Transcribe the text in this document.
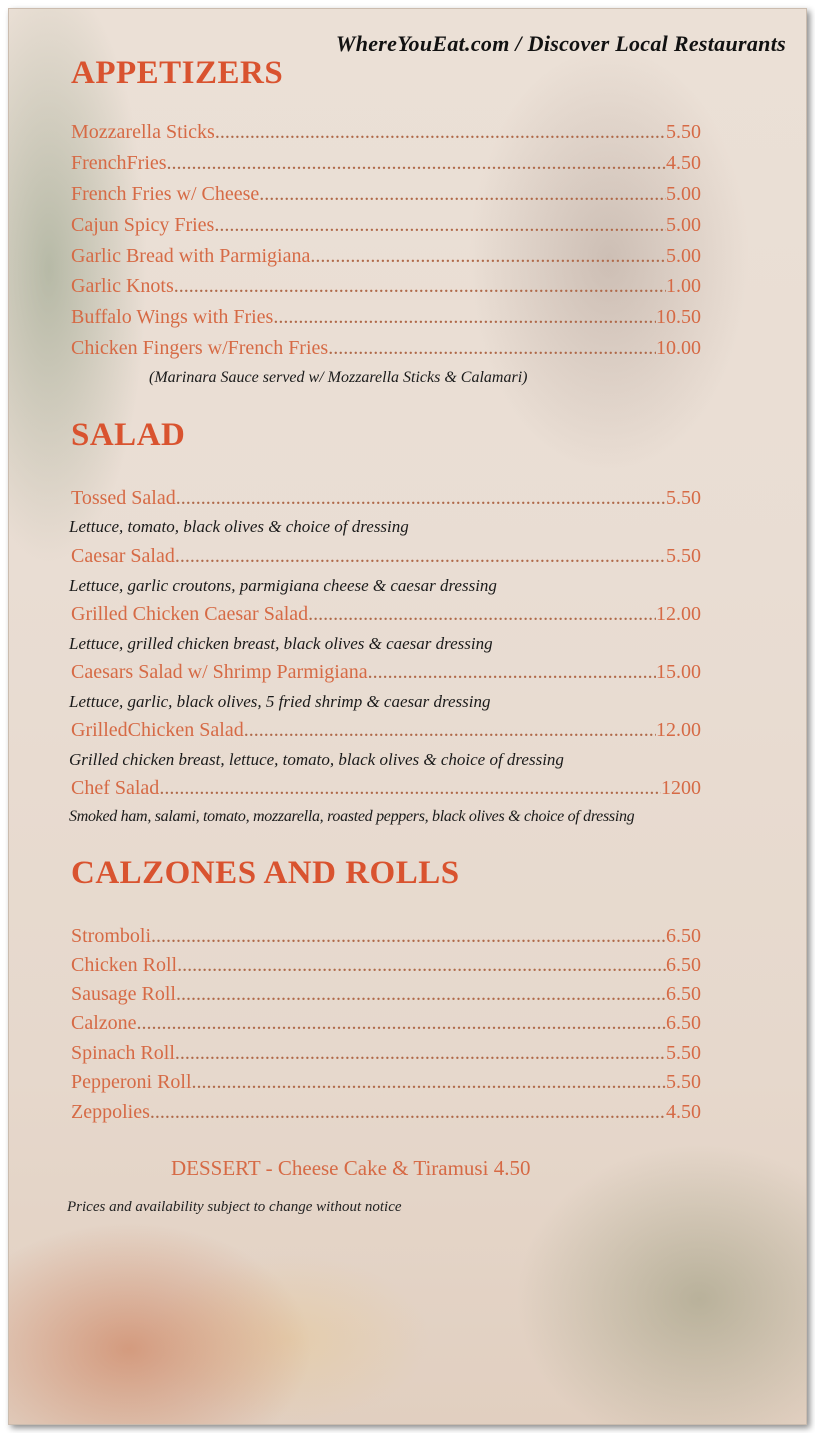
WhereYouEat.com / Discover Local Restaurants
APPETIZERS
Mozzarella Sticks .....	5.50
FrenchFries .....	4.50
French Fries w/ Cheese .....	5.00
Cajun Spicy Fries .....	5.00
Garlic Bread with Parmigiana .....	5.00
Garlic Knots .....	1.00
Buffalo Wings with Fries .....	10.50
Chicken Fingers w/French Fries .....	10.00
(Marinara Sauce served w/ Mozzarella Sticks & Calamari)
SALAD
Tossed Salad .....	5.50
Lettuce, tomato, black olives & choice of dressing
Caesar Salad .....	5.50
Lettuce, garlic croutons, parmigiana cheese & caesar dressing
Grilled Chicken Caesar Salad .....	12.00
Lettuce, grilled chicken breast, black olives & caesar dressing
Caesars Salad w/ Shrimp Parmigiana .....	15.00
Lettuce, garlic, black olives, 5 fried shrimp & caesar dressing
GrilledChicken Salad .....	12.00
Grilled chicken breast, lettuce, tomato, black olives & choice of dressing
Chef Salad .....	1200
Smoked ham, salami, tomato, mozzarella, roasted peppers, black olives & choice of dressing
CALZONES AND ROLLS
Stromboli .....	6.50
Chicken Roll .....	6.50
Sausage Roll .....	6.50
Calzone .....	6.50
Spinach Roll .....	5.50
Pepperoni Roll .....	5.50
Zeppolies .....	4.50
DESSERT - Cheese Cake & Tiramusi 4.50
Prices and availability subject to change without notice
